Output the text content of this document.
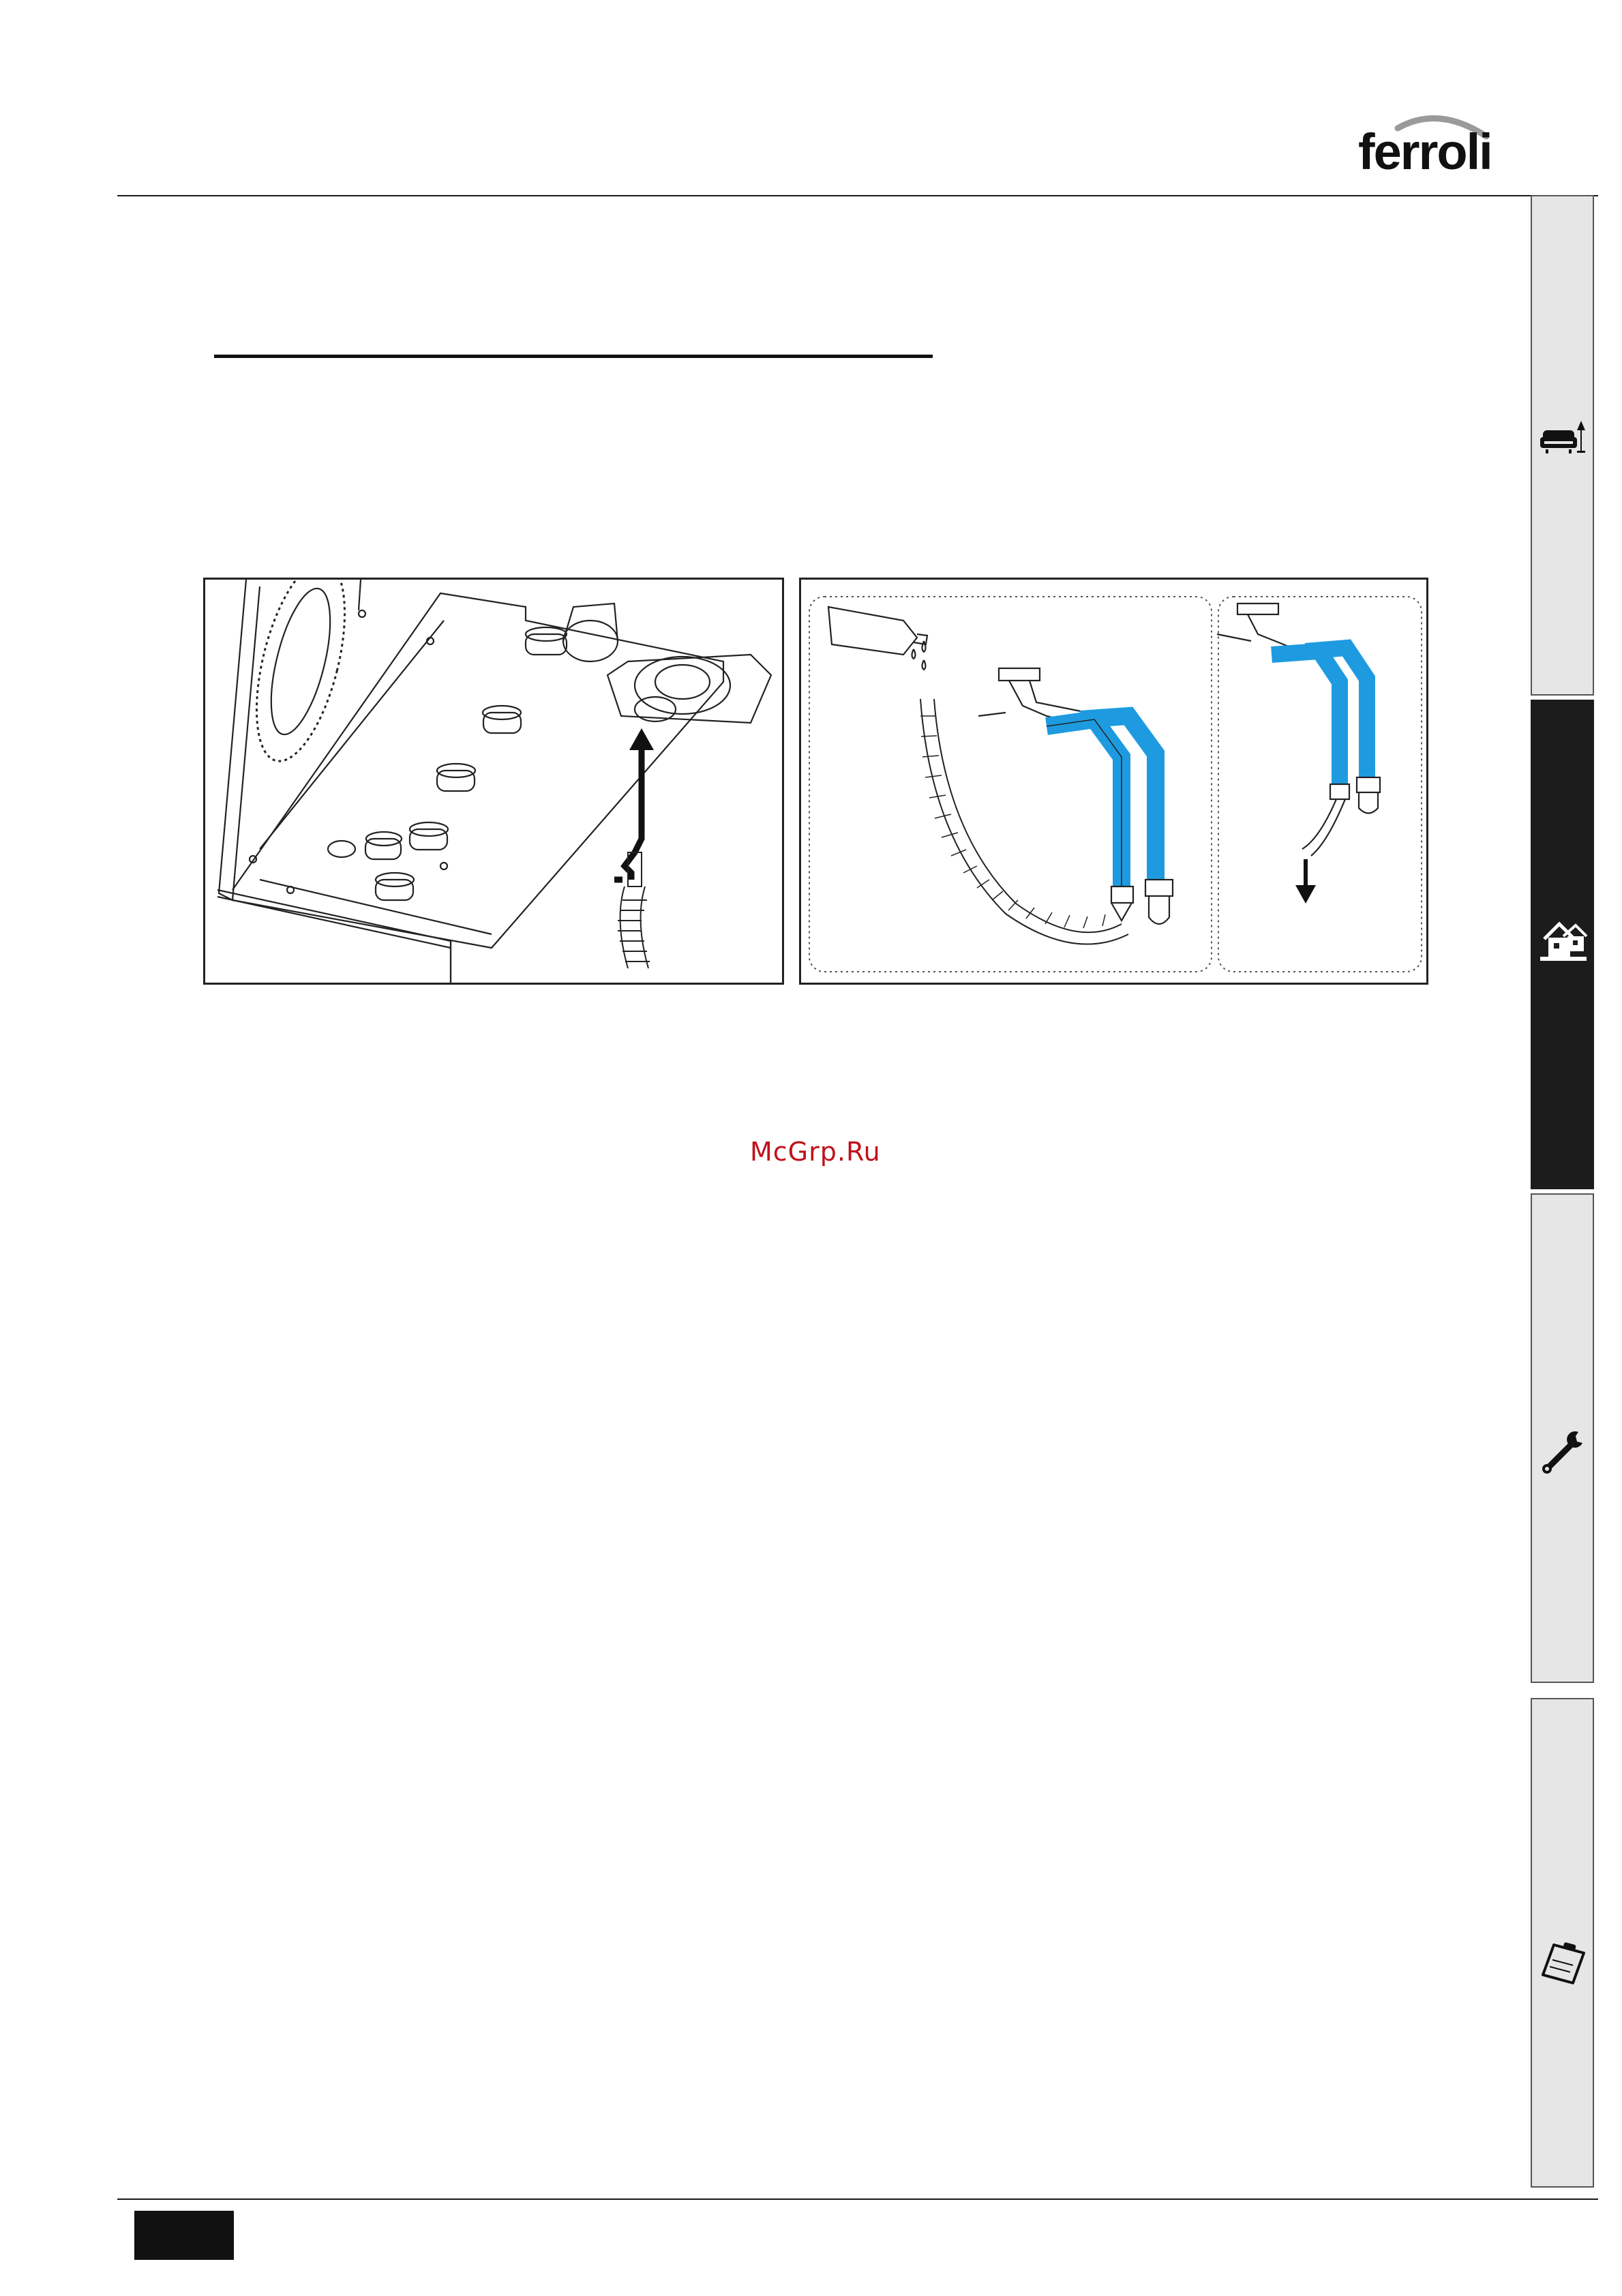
ferroli
McGrp.Ru
